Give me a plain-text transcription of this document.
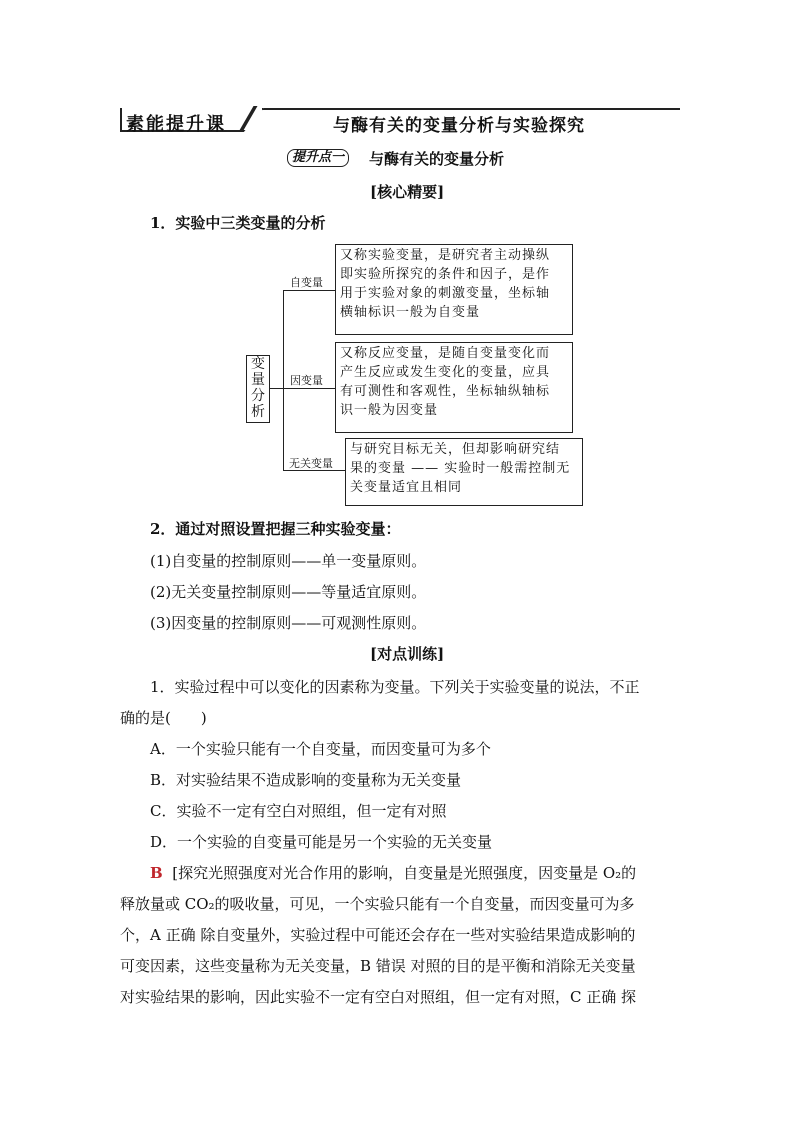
素能提升课	与酶有关的变量分析与实验探究
提升点一	与酶有关的变量分析
[核心精要]
1．实验中三类变量的分析
变
量
分
析
自变量
因变量
无关变量
又称实验变量，是研究者主动操纵
即实验所探究的条件和因子，是作
用于实验对象的刺激变量，坐标轴
横轴标识一般为自变量
又称反应变量，是随自变量变化而
产生反应或发生变化的变量，应具
有可测性和客观性，坐标轴纵轴标
识一般为因变量
与研究目标无关，但却影响研究结
果的变量 —— 实验时一般需控制无
关变量适宜且相同
2．通过对照设置把握三种实验变量：
(1)自变量的控制原则——单一变量原则。
(2)无关变量控制原则——等量适宜原则。
(3)因变量的控制原则——可观测性原则。
[对点训练]
1．实验过程中可以变化的因素称为变量。下列关于实验变量的说法，不正
确的是(　　)
A．一个实验只能有一个自变量，而因变量可为多个
B．对实验结果不造成影响的变量称为无关变量
C．实验不一定有空白对照组，但一定有对照
D．一个实验的自变量可能是另一个实验的无关变量
B [探究光照强度对光合作用的影响，自变量是光照强度，因变量是 O₂的
释放量或 CO₂的吸收量，可见，一个实验只能有一个自变量，而因变量可为多
个，A 正确 除自变量外，实验过程中可能还会存在一些对实验结果造成影响的
可变因素，这些变量称为无关变量，B 错误 对照的目的是平衡和消除无关变量
对实验结果的影响，因此实验不一定有空白对照组，但一定有对照，C 正确 探
